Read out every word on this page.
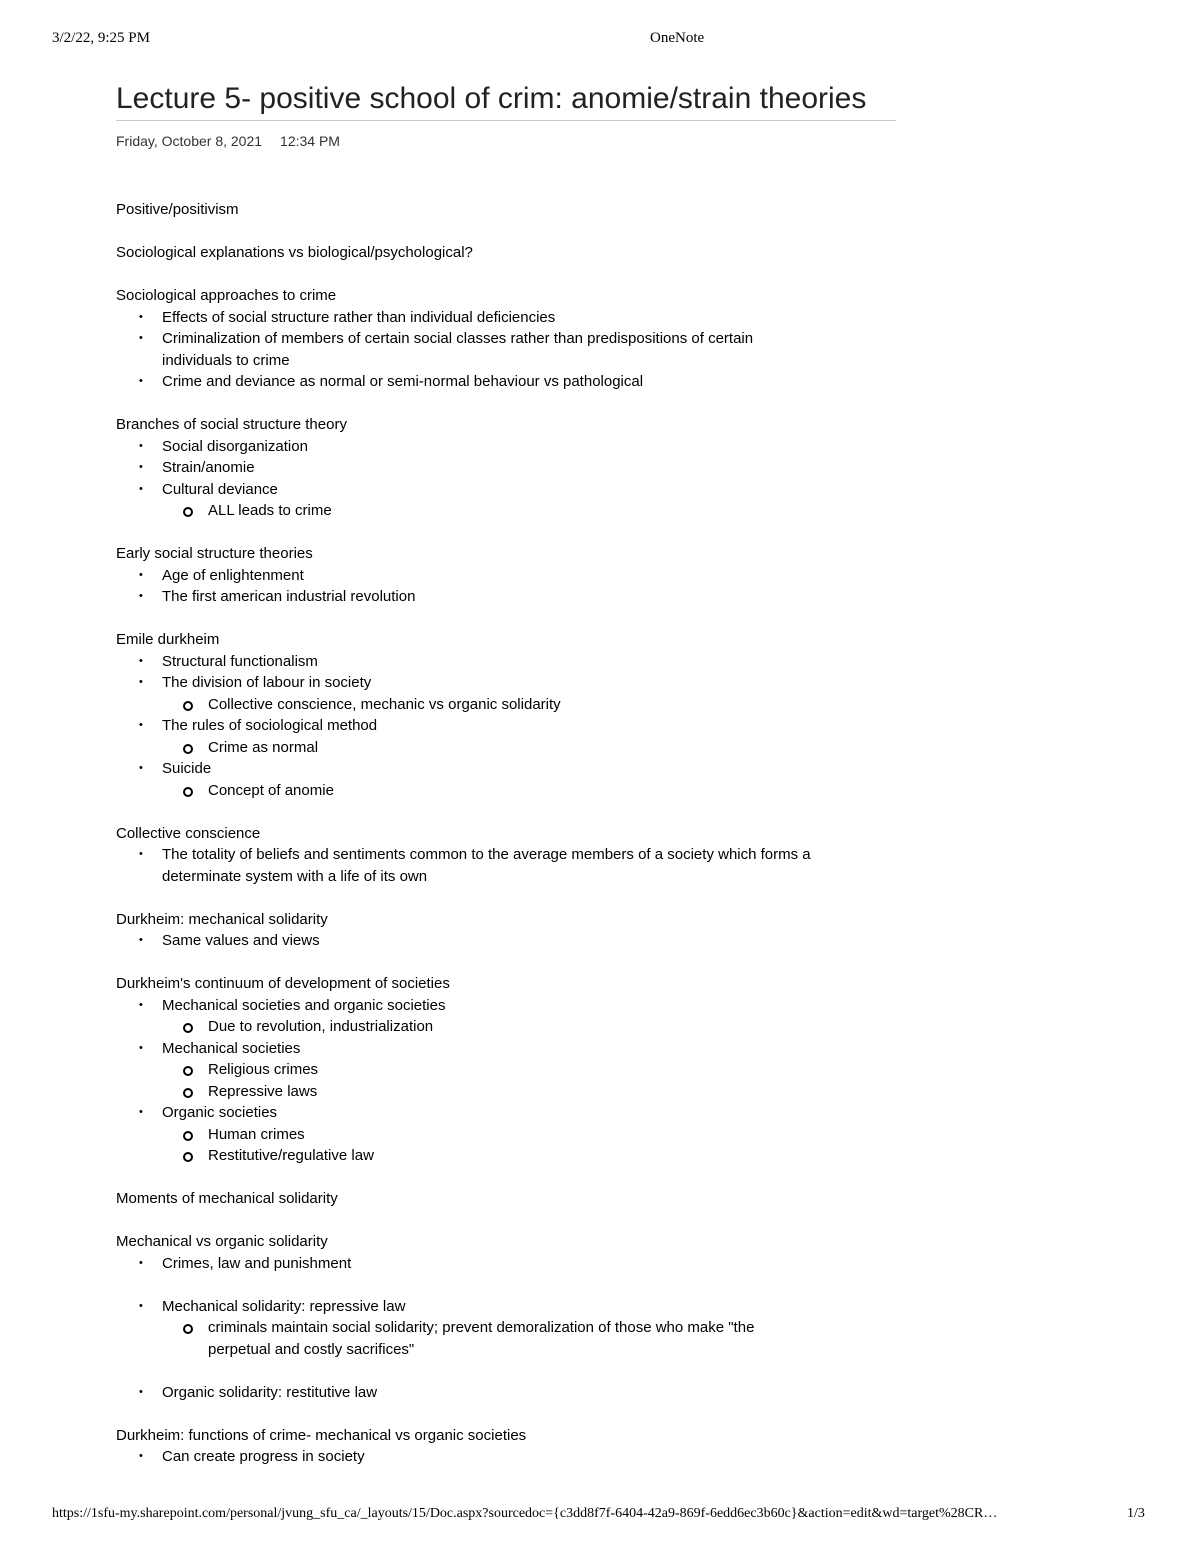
3/2/22, 9:25 PM	OneNote
Lecture 5- positive school of crim: anomie/strain theories
Friday, October 8, 2021 12:34 PM
Positive/positivism
Sociological explanations vs biological/psychological?
Sociological approaches to crime
• Effects of social structure rather than individual deficiencies
• Criminalization of members of certain social classes rather than predispositions of certain
individuals to crime
• Crime and deviance as normal or semi-normal behaviour vs pathological
Branches of social structure theory
• Social disorganization
• Strain/anomie
• Cultural deviance
ALL leads to crime
Early social structure theories
• Age of enlightenment
• The first american industrial revolution
Emile durkheim
• Structural functionalism
• The division of labour in society
Collective conscience, mechanic vs organic solidarity
• The rules of sociological method
Crime as normal
• Suicide
Concept of anomie
Collective conscience
• The totality of beliefs and sentiments common to the average members of a society which forms a
determinate system with a life of its own
Durkheim: mechanical solidarity
• Same values and views
Durkheim's continuum of development of societies
• Mechanical societies and organic societies
Due to revolution, industrialization
• Mechanical societies
Religious crimes
Repressive laws
• Organic societies
Human crimes
Restitutive/regulative law
Moments of mechanical solidarity
Mechanical vs organic solidarity
• Crimes, law and punishment
• Mechanical solidarity: repressive law
criminals maintain social solidarity; prevent demoralization of those who make "the
perpetual and costly sacrifices"
• Organic solidarity: restitutive law
Durkheim: functions of crime- mechanical vs organic societies
• Can create progress in society
https://1sfu-my.sharepoint.com/personal/jvung_sfu_ca/_layouts/15/Doc.aspx?sourcedoc={c3dd8f7f-6404-42a9-869f-6edd6ec3b60c}&action=edit&wd=target%28CR…	1/3
